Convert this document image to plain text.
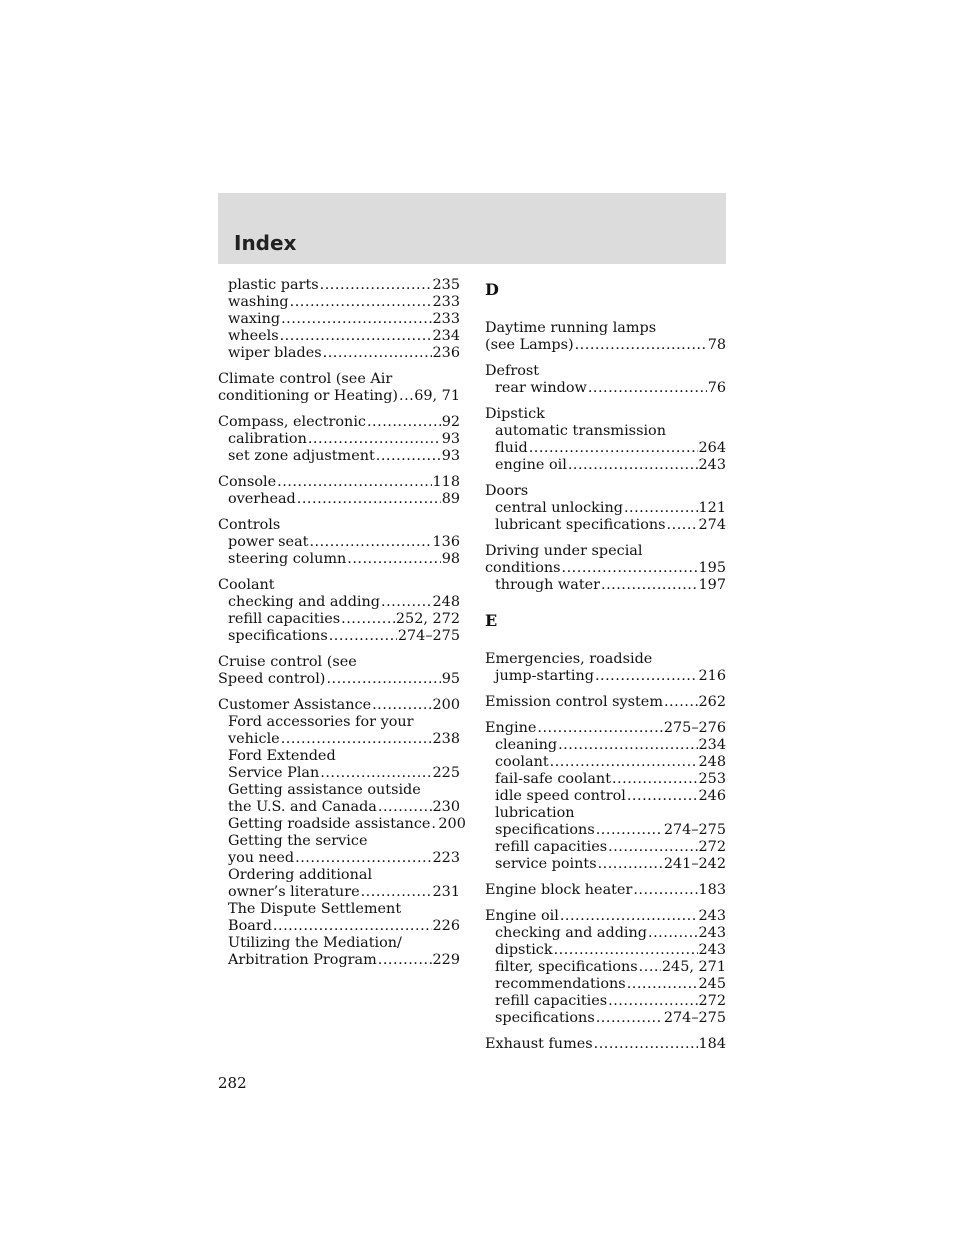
Index
plastic parts .....	235
washing .....	233
waxing .....	233
wheels .....	234
wiper blades .....	236
Climate control (see Air
conditioning or Heating) ..... 69, 71
Compass, electronic .....	92
calibration .....	93
set zone adjustment .....	93
Console .....	118
overhead .....	89
Controls
power seat .....	136
steering column .....	98
Coolant
checking and adding .....	248
refill capacities .....	252, 272
specifications .....	274–275
Cruise control (see
Speed control) .....	95
Customer Assistance .....	200
Ford accessories for your
vehicle .....	238
Ford Extended
Service Plan .....	225
Getting assistance outside
the U.S. and Canada .....	230
Getting roadside assistance ..... 200
Getting the service
you need .....	223
Ordering additional
owner’s literature .....	231
The Dispute Settlement
Board .....	226
Utilizing the Mediation/
Arbitration Program .....	229
D
Daytime running lamps
(see Lamps) .....	78
Defrost
rear window .....	76
Dipstick
automatic transmission
fluid .....	264
engine oil .....	243
Doors
central unlocking .....	121
lubricant specifications ..... 274
Driving under special
conditions .....	195
through water .....	197
E
Emergencies, roadside
jump-starting .....	216
Emission control system ..... 262
Engine .....	275–276
cleaning .....	234
coolant .....	248
fail-safe coolant .....	253
idle speed control .....	246
lubrication
specifications .....	274–275
refill capacities .....	272
service points .....	241–242
Engine block heater .....	183
Engine oil .....	243
checking and adding .....	243
dipstick .....	243
filter, specifications ..... 245, 271
recommendations .....	245
refill capacities .....	272
specifications .....	274–275
Exhaust fumes .....	184
282
